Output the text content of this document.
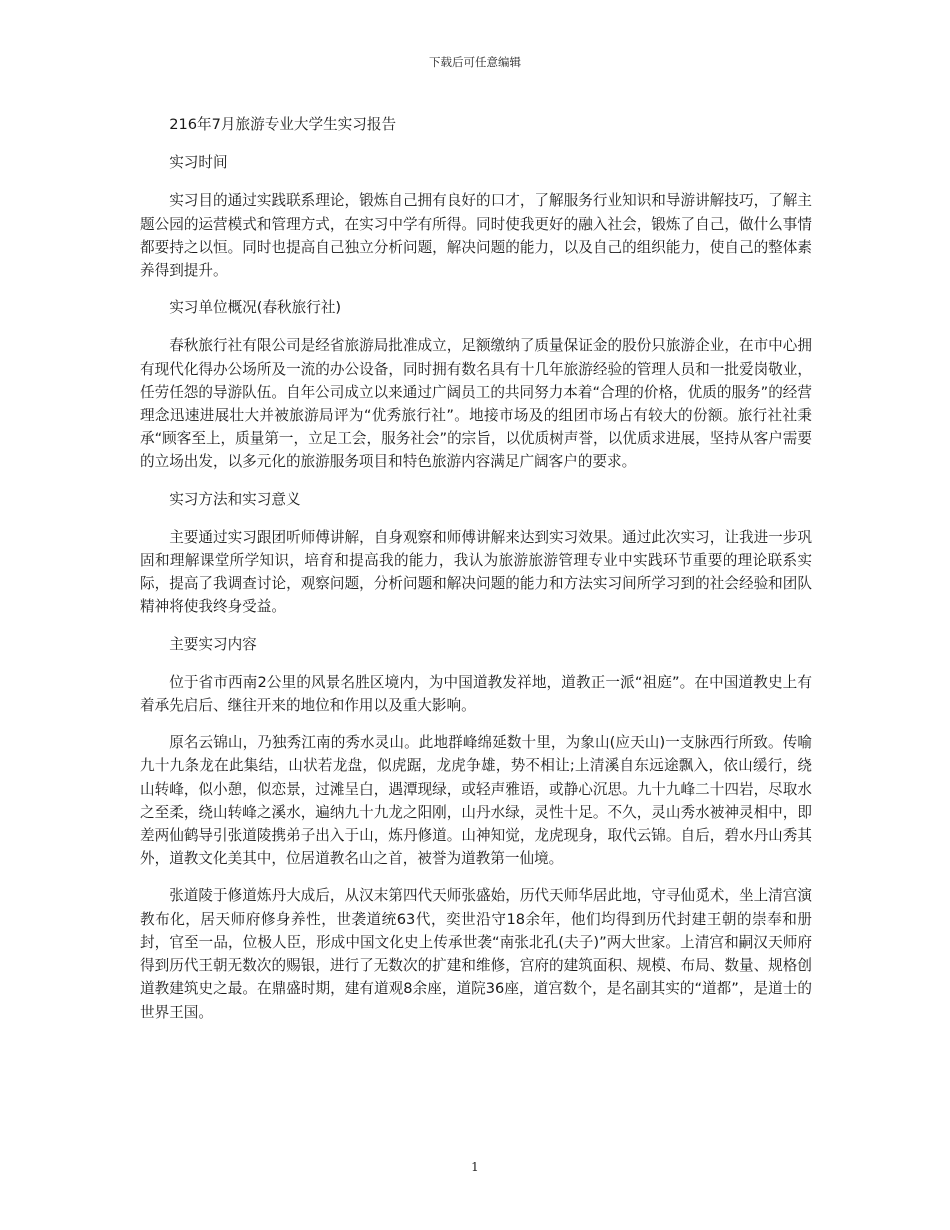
下载后可任意编辑

216年7月旅游专业大学生实习报告

实习时间

实习目的通过实践联系理论，锻炼自己拥有良好的口才，了解服务行业知识和导游讲解技巧，了解主题公园的运营模式和管理方式，在实习中学有所得。同时使我更好的融入社会，锻炼了自己，做什么事情都要持之以恒。同时也提高自己独立分析问题，解决问题的能力，以及自己的组织能力，使自己的整体素养得到提升。

实习单位概况(春秋旅行社)

春秋旅行社有限公司是经省旅游局批准成立，足额缴纳了质量保证金的股份只旅游企业，在市中心拥有现代化得办公场所及一流的办公设备，同时拥有数名具有十几年旅游经验的管理人员和一批爱岗敬业，任劳任怨的导游队伍。自年公司成立以来通过广阔员工的共同努力本着“合理的价格，优质的服务”的经营理念迅速进展壮大并被旅游局评为“优秀旅行社”。地接市场及的组团市场占有较大的份额。旅行社社秉承“顾客至上，质量第一，立足工会，服务社会”的宗旨，以优质树声誉，以优质求进展，坚持从客户需要的立场出发，以多元化的旅游服务项目和特色旅游内容满足广阔客户的要求。

实习方法和实习意义

主要通过实习跟团听师傅讲解，自身观察和师傅讲解来达到实习效果。通过此次实习，让我进一步巩固和理解课堂所学知识，培育和提高我的能力，我认为旅游旅游管理专业中实践环节重要的理论联系实际，提高了我调查讨论，观察问题，分析问题和解决问题的能力和方法实习间所学习到的社会经验和团队精神将使我终身受益。

主要实习内容

位于省市西南2公里的风景名胜区境内，为中国道教发祥地，道教正一派“祖庭”。在中国道教史上有着承先启后、继往开来的地位和作用以及重大影响。

原名云锦山，乃独秀江南的秀水灵山。此地群峰绵延数十里，为象山(应天山)一支脉西行所致。传喻九十九条龙在此集结，山状若龙盘，似虎踞，龙虎争雄，势不相让;上清溪自东远途飘入，依山缓行，绕山转峰，似小憩，似恋景，过滩呈白，遇潭现绿，或轻声雅语，或静心沉思。九十九峰二十四岩，尽取水之至柔，绕山转峰之溪水，遍纳九十九龙之阳刚，山丹水绿，灵性十足。不久，灵山秀水被神灵相中，即差两仙鹤导引张道陵携弟子出入于山，炼丹修道。山神知觉，龙虎现身，取代云锦。自后，碧水丹山秀其外，道教文化美其中，位居道教名山之首，被誉为道教第一仙境。

张道陵于修道炼丹大成后，从汉末第四代天师张盛始，历代天师华居此地，守寻仙觅术，坐上清宫演教布化，居天师府修身养性，世袭道统63代，奕世沿守18余年，他们均得到历代封建王朝的崇奉和册封，官至一品，位极人臣，形成中国文化史上传承世袭“南张北孔(夫子)”两大世家。上清宫和嗣汉天师府得到历代王朝无数次的赐银，进行了无数次的扩建和维修，宫府的建筑面积、规模、布局、数量、规格创道教建筑史之最。在鼎盛时期，建有道观8余座，道院36座，道宫数个，是名副其实的“道都”，是道士的世界王国。

1
